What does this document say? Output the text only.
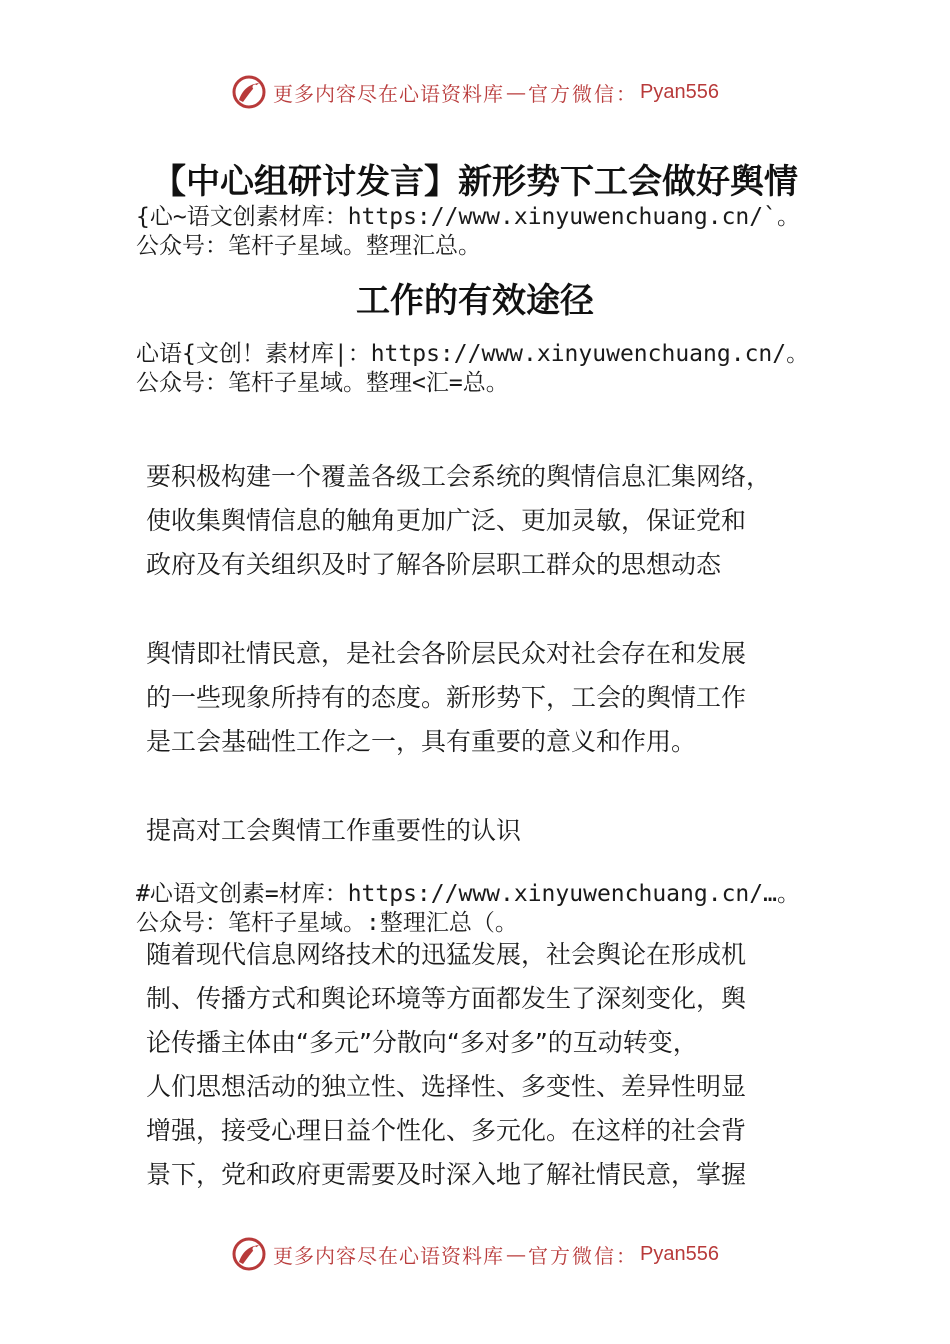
更多内容尽在心语资料库 — 官方微信： Pyan556
【中心组研讨发言】新形势下工会做好舆情
{心~语文创素材库：https://www.xinyuwenchuang.cn/`。
公众号：笔杆子星域。整理汇总。
工作的有效途径
心语{文创！素材库|：https://www.xinyuwenchuang.cn/。
公众号：笔杆子星域。整理<汇=总。
要积极构建一个覆盖各级工会系统的舆情信息汇集网络，
使收集舆情信息的触角更加广泛、更加灵敏，保证党和
政府及有关组织及时了解各阶层职工群众的思想动态
舆情即社情民意，是社会各阶层民众对社会存在和发展
的一些现象所持有的态度。新形势下，工会的舆情工作
是工会基础性工作之一，具有重要的意义和作用。
提高对工会舆情工作重要性的认识
#心语文创素=材库：https://www.xinyuwenchuang.cn/…。
公众号：笔杆子星域。:整理汇总（。
随着现代信息网络技术的迅猛发展，社会舆论在形成机
制、传播方式和舆论环境等方面都发生了深刻变化，舆
论传播主体由“多元”分散向“多对多”的互动转变，
人们思想活动的独立性、选择性、多变性、差异性明显
增强，接受心理日益个性化、多元化。在这样的社会背
景下，党和政府更需要及时深入地了解社情民意，掌握
更多内容尽在心语资料库 — 官方微信： Pyan556
